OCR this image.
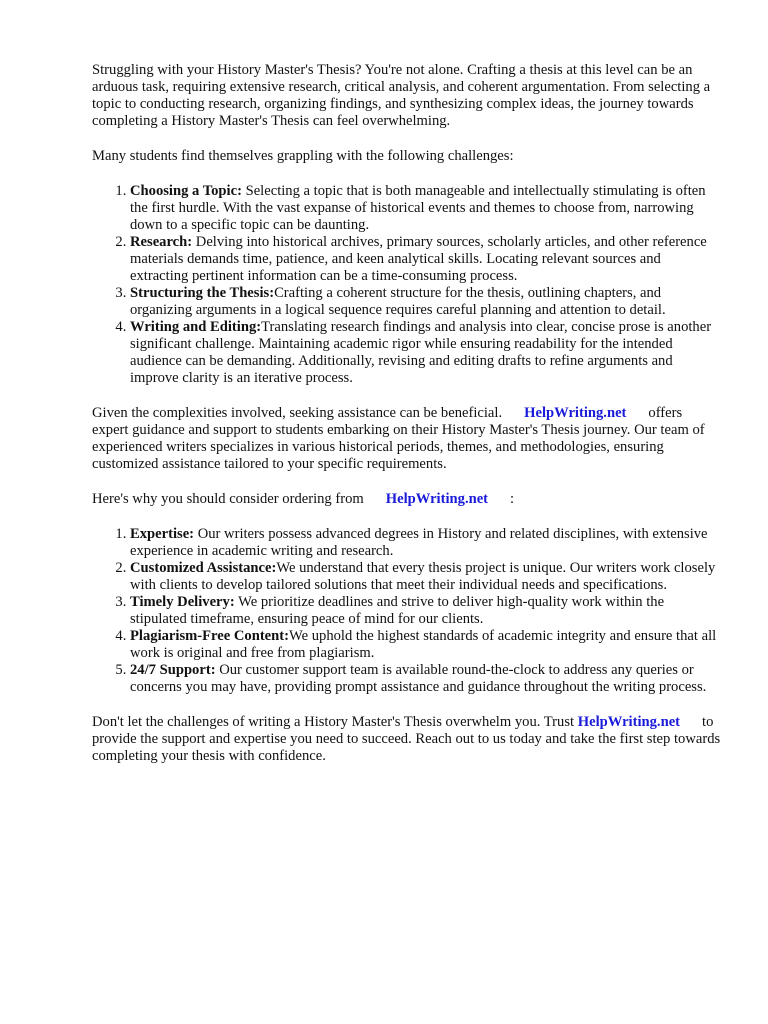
Struggling with your History Master's Thesis? You're not alone. Crafting a thesis at this level can be an arduous task, requiring extensive research, critical analysis, and coherent argumentation. From selecting a topic to conducting research, organizing findings, and synthesizing complex ideas, the journey towards completing a History Master's Thesis can feel overwhelming.

Many students find themselves grappling with the following challenges:

1. Choosing a Topic: Selecting a topic that is both manageable and intellectually stimulating is often the first hurdle. With the vast expanse of historical events and themes to choose from, narrowing down to a specific topic can be daunting.
2. Research: Delving into historical archives, primary sources, scholarly articles, and other reference materials demands time, patience, and keen analytical skills. Locating relevant sources and extracting pertinent information can be a time-consuming process.
3. Structuring the Thesis:Crafting a coherent structure for the thesis, outlining chapters, and organizing arguments in a logical sequence requires careful planning and attention to detail.
4. Writing and Editing:Translating research findings and analysis into clear, concise prose is another significant challenge. Maintaining academic rigor while ensuring readability for the intended audience can be demanding. Additionally, revising and editing drafts to refine arguments and improve clarity is an iterative process.

Given the complexities involved, seeking assistance can be beneficial. HelpWriting.net offers expert guidance and support to students embarking on their History Master's Thesis journey. Our team of experienced writers specializes in various historical periods, themes, and methodologies, ensuring customized assistance tailored to your specific requirements.

Here's why you should consider ordering from HelpWriting.net :

1. Expertise: Our writers possess advanced degrees in History and related disciplines, with extensive experience in academic writing and research.
2. Customized Assistance:We understand that every thesis project is unique. Our writers work closely with clients to develop tailored solutions that meet their individual needs and specifications.
3. Timely Delivery: We prioritize deadlines and strive to deliver high-quality work within the stipulated timeframe, ensuring peace of mind for our clients.
4. Plagiarism-Free Content:We uphold the highest standards of academic integrity and ensure that all work is original and free from plagiarism.
5. 24/7 Support: Our customer support team is available round-the-clock to address any queries or concerns you may have, providing prompt assistance and guidance throughout the writing process.

Don't let the challenges of writing a History Master's Thesis overwhelm you. Trust HelpWriting.net to provide the support and expertise you need to succeed. Reach out to us today and take the first step towards completing your thesis with confidence.
